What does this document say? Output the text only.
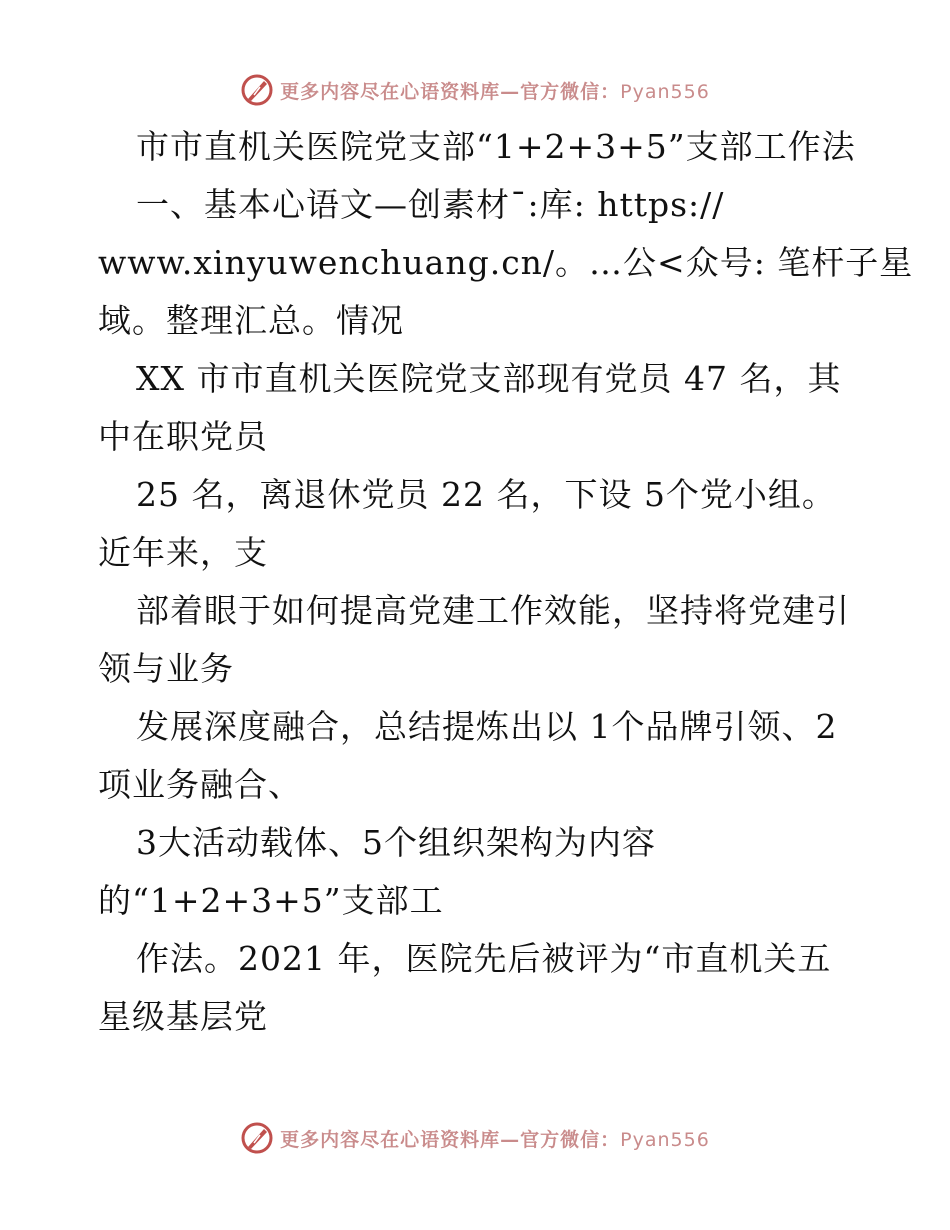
更多内容尽在心语资料库—官方微信：Pyan556
市市直机关医院党支部“1+2+3+5”支部工作法
一、基本心语文—创素材¯:库: https://
www.xinyuwenchuang.cn/。…公<众号: 笔杆子星
域。整理汇总。情况
XX 市市直机关医院党支部现有党员 47 名，其
中在职党员
25 名，离退休党员 22 名，下设 5个党小组。
近年来，支
部着眼于如何提高党建工作效能，坚持将党建引
领与业务
发展深度融合，总结提炼出以 1个品牌引领、2
项业务融合、
3大活动载体、5个组织架构为内容
的“1+2+3+5”支部工
作法。2021 年，医院先后被评为“市直机关五
星级基层党
更多内容尽在心语资料库—官方微信：Pyan556
